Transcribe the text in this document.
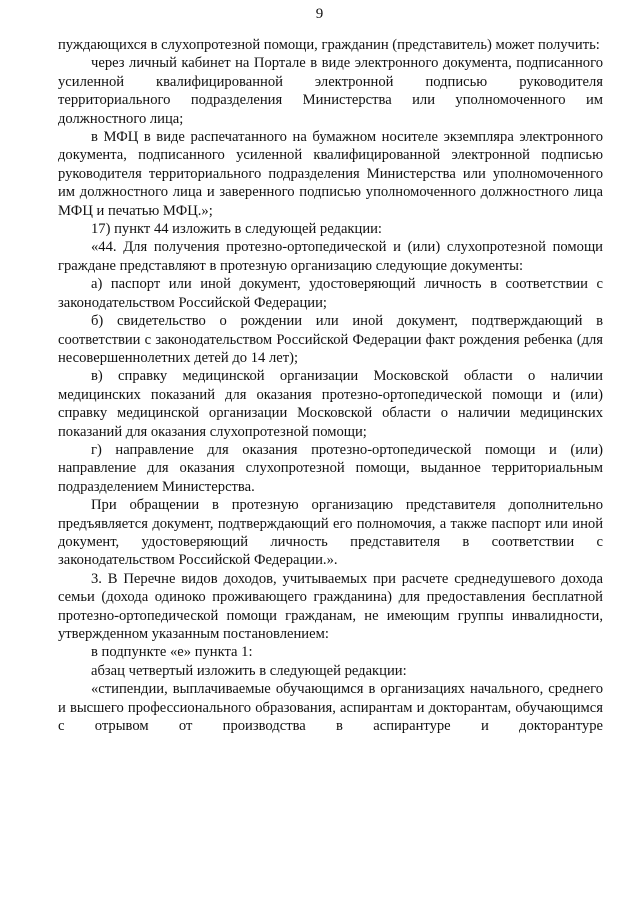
9

пуждающихся в слухопротезной помощи, гражданин (представитель) может получить:

через личный кабинет на Портале в виде электронного документа, подписанного усиленной квалифицированной электронной подписью руководителя территориального подразделения Министерства или уполномоченного им должностного лица;

в МФЦ в виде распечатанного на бумажном носителе экземпляра электронного документа, подписанного усиленной квалифицированной электронной подписью руководителя территориального подразделения Министерства или уполномоченного им должностного лица и заверенного подписью уполномоченного должностного лица МФЦ и печатью МФЦ.»;

17) пункт 44 изложить в следующей редакции:

«44. Для получения протезно-ортопедической и (или) слухопротезной помощи граждане представляют в протезную организацию следующие документы:

а) паспорт или иной документ, удостоверяющий личность в соответствии с законодательством Российской Федерации;

б) свидетельство о рождении или иной документ, подтверждающий в соответствии с законодательством Российской Федерации факт рождения ребенка (для несовершеннолетних детей до 14 лет);

в) справку медицинской организации Московской области о наличии медицинских показаний для оказания протезно-ортопедической помощи и (или) справку медицинской организации Московской области о наличии медицинских показаний для оказания слухопротезной помощи;

г) направление для оказания протезно-ортопедической помощи и (или) направление для оказания слухопротезной помощи, выданное территориальным подразделением Министерства.

При обращении в протезную организацию представителя дополнительно предъявляется документ, подтверждающий его полномочия, а также паспорт или иной документ, удостоверяющий личность представителя в соответствии с законодательством Российской Федерации.».

3. В Перечне видов доходов, учитываемых при расчете среднедушевого дохода семьи (дохода одиноко проживающего гражданина) для предоставления бесплатной протезно-ортопедической помощи гражданам, не имеющим группы инвалидности, утвержденном указанным постановлением:

в подпункте «е» пункта 1:

абзац четвертый изложить в следующей редакции:

«стипендии, выплачиваемые обучающимся в организациях начального, среднего и высшего профессионального образования, аспирантам и докторантам, обучающимся с отрывом от производства в аспирантуре и докторантуре
